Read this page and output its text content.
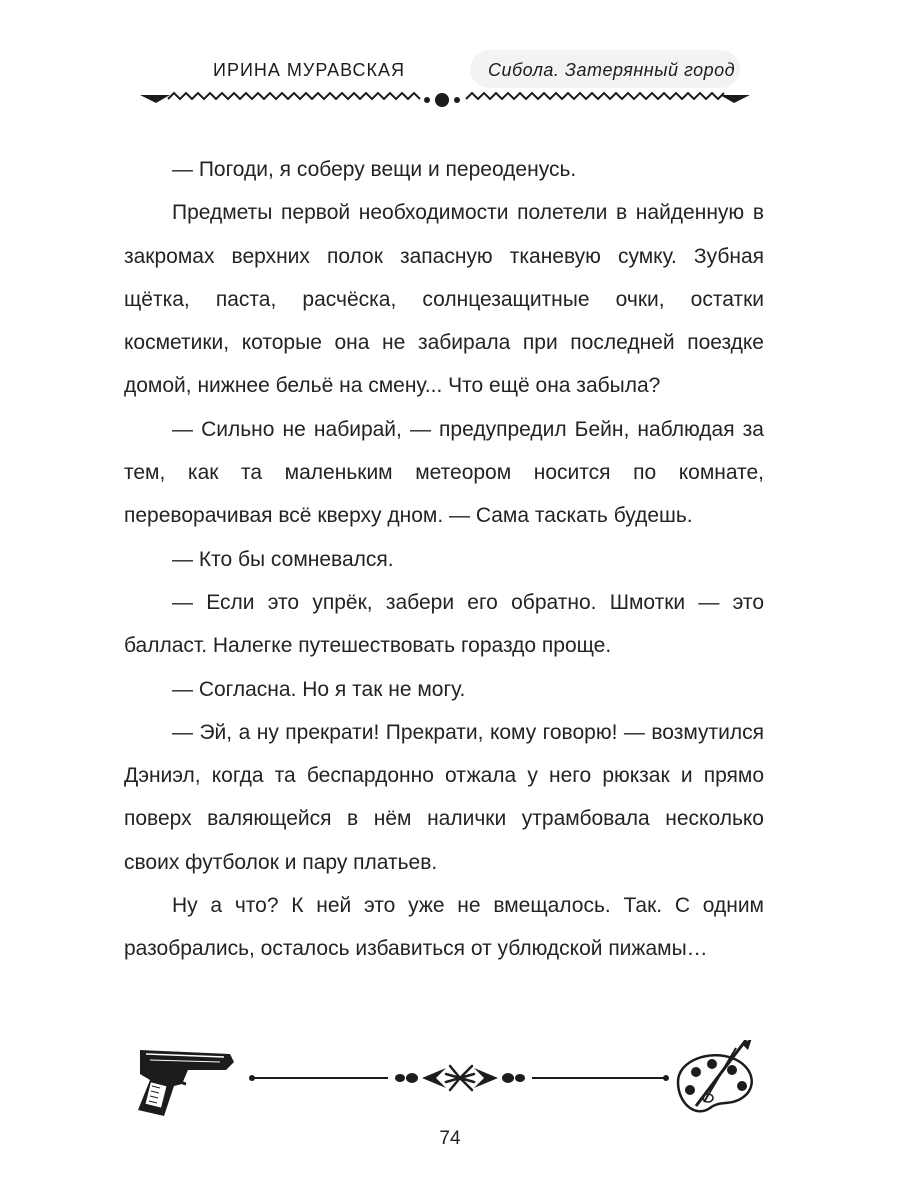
ИРИНА МУРАВСКАЯ	Сибола. Затерянный город

— Погоди, я соберу вещи и переоденусь.

Предметы первой необходимости полетели в найденную в закромах верхних полок запасную тканевую сумку. Зубная щётка, паста, расчёска, солнцезащитные очки, остатки косметики, которые она не забирала при последней поездке домой, нижнее бельё на смену... Что ещё она забыла?

— Сильно не набирай, — предупредил Бейн, наблюдая за тем, как та маленьким метеором носится по комнате, переворачивая всё кверху дном. — Сама таскать будешь.

— Кто бы сомневался.

— Если это упрёк, забери его обратно. Шмотки — это балласт. Налегке путешествовать гораздо проще.

— Согласна. Но я так не могу.

— Эй, а ну прекрати! Прекрати, кому говорю! — возмутился Дэниэл, когда та беспардонно отжала у него рюкзак и прямо поверх валяющейся в нём налички утрамбовала несколько своих футболок и пару платьев.

Ну а что? К ней это уже не вмещалось. Так. С одним разобрались, осталось избавиться от ублюдской пижамы…

74
